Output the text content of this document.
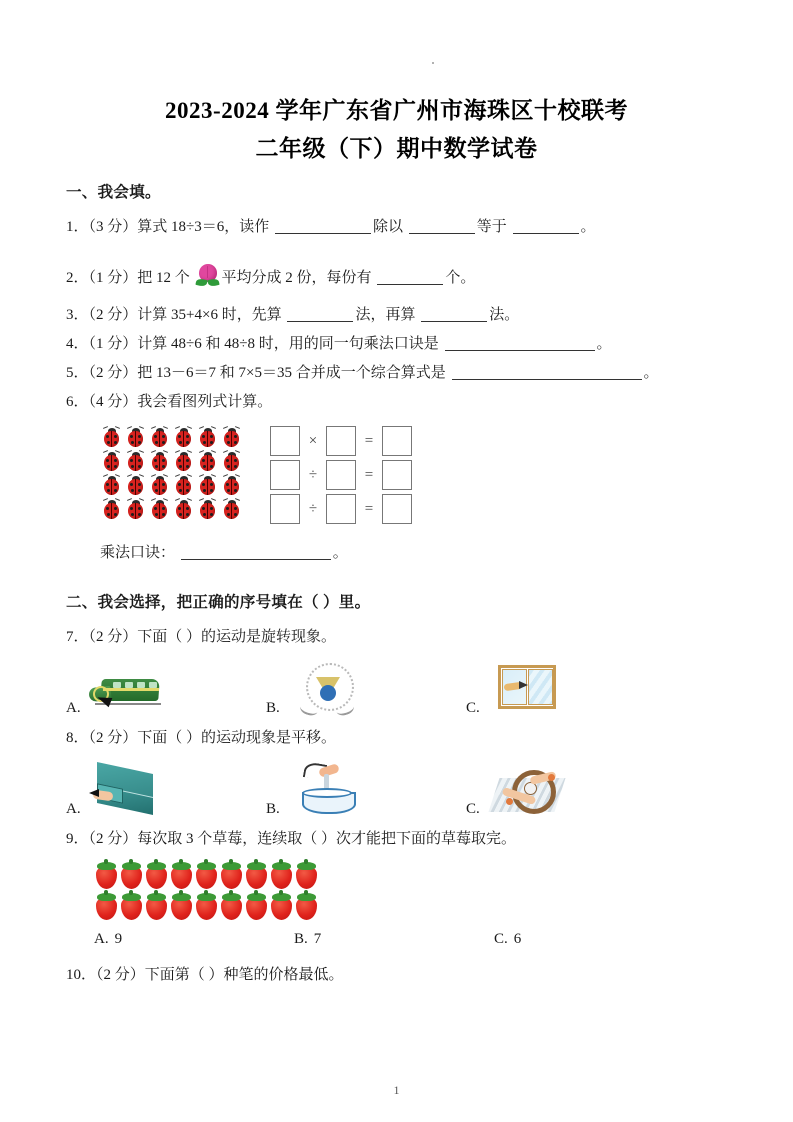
2023-2024 学年广东省广州市海珠区十校联考
二年级（下）期中数学试卷
一、我会填。
1．（3 分）算式 18÷3＝6，读作	除以	等于	。
2．（1 分）把 12 个 平均分成 2 份，每份有	个。
3．（2 分）计算 35+4×6 时，先算	法，再算	法。
4．（1 分）计算 48÷6 和 48÷8 时，用的同一句乘法口诀是	。
5．（2 分）把 13－6＝7 和 7×5＝35 合并成一个综合算式是	。
6．（4 分）我会看图列式计算。
×	=
÷	=
÷	=
乘法口诀：	。
二、我会选择，把正确的序号填在（ ）里。
7．（2 分）下面（ ）的运动是旋转现象。
A.	B.	C.
8．（2 分）下面（ ）的运动现象是平移。
A.	B.	C.
9．（2 分）每次取 3 个草莓，连续取（ ）次才能把下面的草莓取完。
A. 9	B. 7	C. 6
10．（2 分）下面第（ ）种笔的价格最低。
1
